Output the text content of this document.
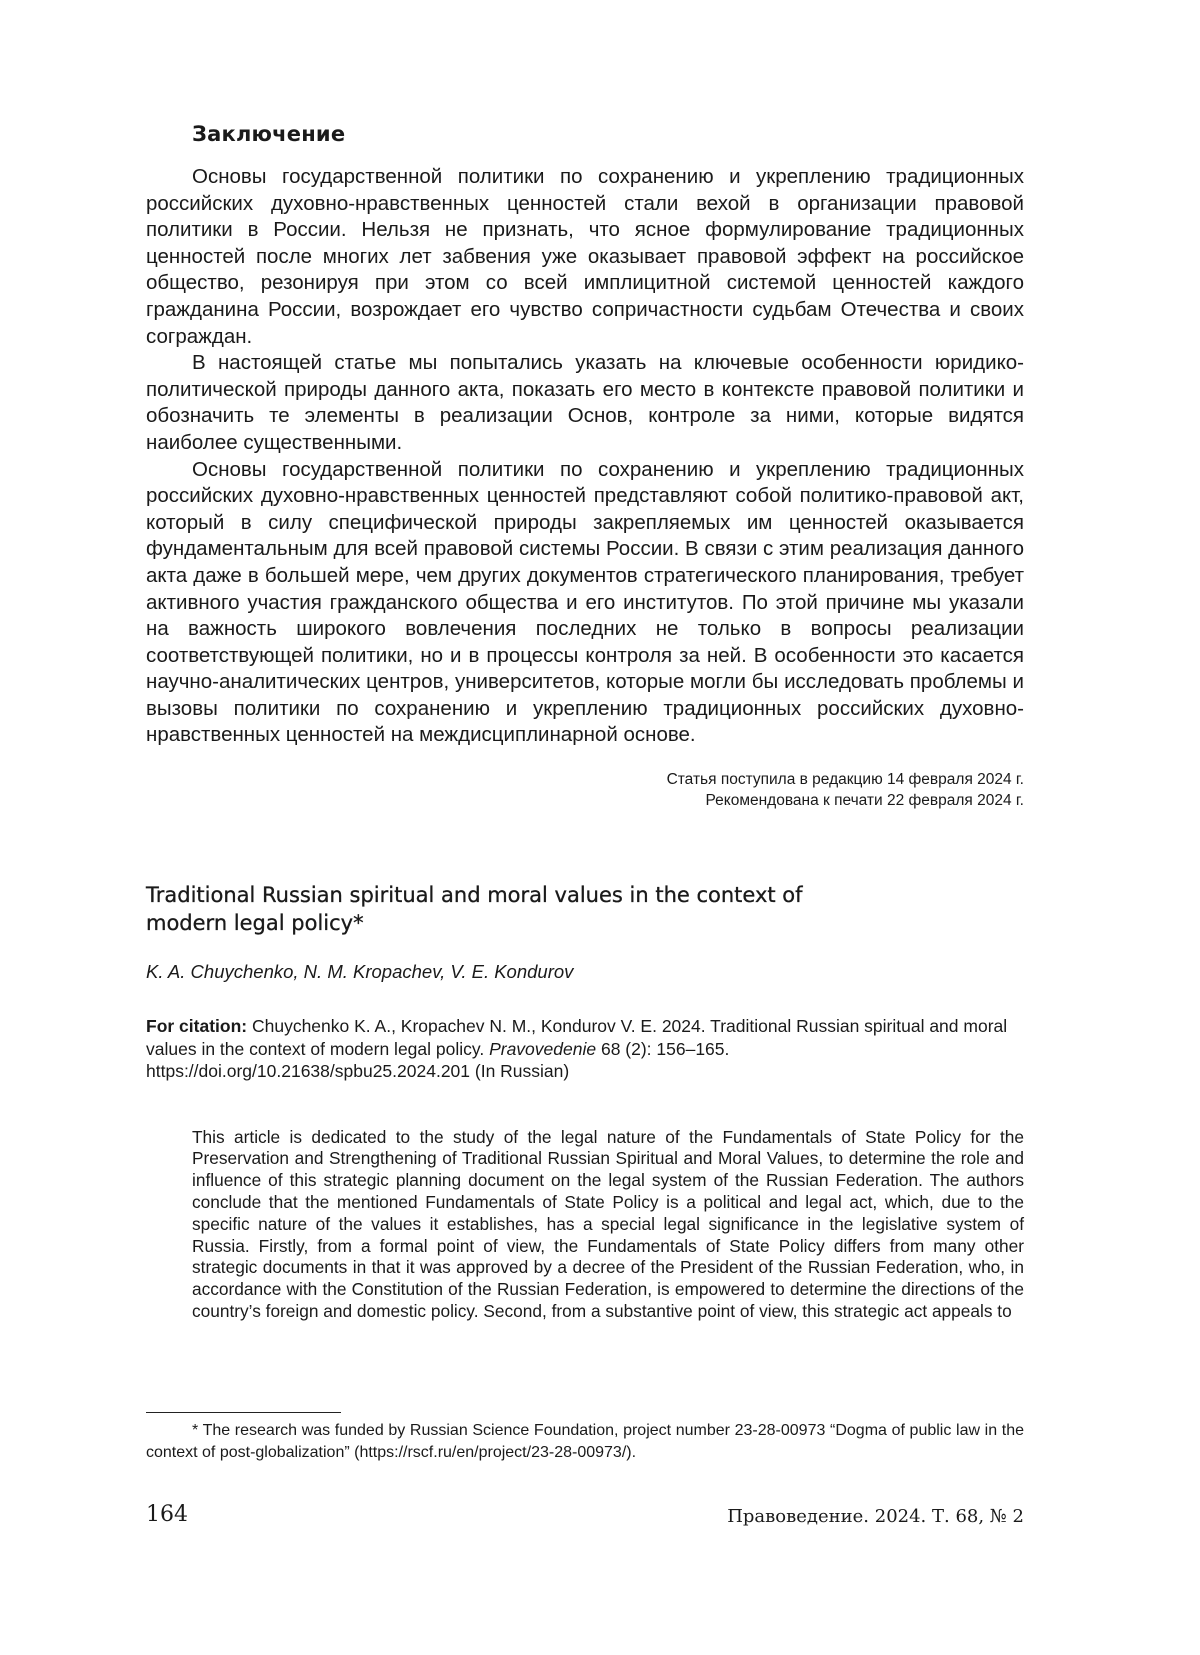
Заключение

Основы государственной политики по сохранению и укреплению традиционных российских духовно-нравственных ценностей стали вехой в организации правовой политики в России. Нельзя не признать, что ясное формулирование традиционных ценностей после многих лет забвения уже оказывает правовой эффект на российское общество, резонируя при этом со всей имплицитной системой ценностей каждого гражданина России, возрождает его чувство сопричастности судьбам Отечества и своих сограждан.

В настоящей статье мы попытались указать на ключевые особенности юридико-политической природы данного акта, показать его место в контексте правовой политики и обозначить те элементы в реализации Основ, контроле за ними, которые видятся наиболее существенными.

Основы государственной политики по сохранению и укреплению традиционных российских духовно-нравственных ценностей представляют собой политико-правовой акт, который в силу специфической природы закрепляемых им ценностей оказывается фундаментальным для всей правовой системы России. В связи с этим реализация данного акта даже в большей мере, чем других документов стратегического планирования, требует активного участия гражданского общества и его институтов. По этой причине мы указали на важность широкого вовлечения последних не только в вопросы реализации соответствующей политики, но и в процессы контроля за ней. В особенности это касается научно-аналитических центров, университетов, которые могли бы исследовать проблемы и вызовы политики по сохранению и укреплению традиционных российских духовно-нравственных ценностей на междисциплинарной основе.

Статья поступила в редакцию 14 февраля 2024 г.
Рекомендована к печати 22 февраля 2024 г.
Traditional Russian spiritual and moral values in the context of modern legal policy*
K. A. Chuychenko, N. M. Kropachev, V. E. Kondurov
For citation: Chuychenko K. A., Kropachev N. M., Kondurov V. E. 2024. Traditional Russian spiritual and moral values in the context of modern legal policy. Pravovedenie 68 (2): 156–165. https://doi.org/10.21638/spbu25.2024.201 (In Russian)
This article is dedicated to the study of the legal nature of the Fundamentals of State Policy for the Preservation and Strengthening of Traditional Russian Spiritual and Moral Values, to determine the role and influence of this strategic planning document on the legal system of the Russian Federation. The authors conclude that the mentioned Fundamentals of State Policy is a political and legal act, which, due to the specific nature of the values it establishes, has a special legal significance in the legislative system of Russia. Firstly, from a formal point of view, the Fundamentals of State Policy differs from many other strategic documents in that it was approved by a decree of the President of the Russian Federation, who, in accordance with the Constitution of the Russian Federation, is empowered to determine the directions of the country’s foreign and domestic policy. Second, from a substantive point of view, this strategic act appeals to
* The research was funded by Russian Science Foundation, project number 23-28-00973 “Dogma of public law in the context of post-globalization” (https://rscf.ru/en/project/23-28-00973/).
164	Правоведение. 2024. Т. 68, № 2
